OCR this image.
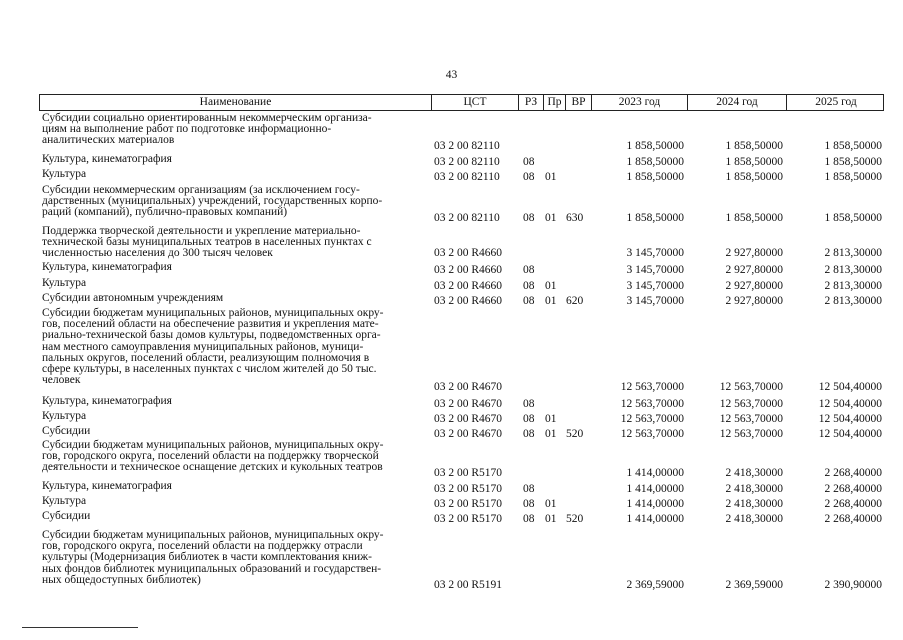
43
Наименование	ЦСТ	РЗ Пр ВР	2023 год	2024 год	2025 год
Субсидии социально ориентированным некоммерческим организа-
циям на выполнение работ по подготовке информационно-
аналитических материалов	03 2 00 82110	1 858,50000	1 858,50000	1 858,50000
Культура, кинематография	03 2 00 82110 08	1 858,50000	1 858,50000	1 858,50000
Культура	03 2 00 82110 08 01	1 858,50000	1 858,50000	1 858,50000
Субсидии некоммерческим организациям (за исключением госу-
дарственных (муниципальных) учреждений, государственных корпо-
раций (компаний), публично-правовых компаний)	03 2 00 82110 08 01 630	1 858,50000	1 858,50000	1 858,50000
Поддержка творческой деятельности и укрепление материально-
технической базы муниципальных театров в населенных пунктах с
численностью населения до 300 тысяч человек	03 2 00 R4660	3 145,70000	2 927,80000	2 813,30000
Культура, кинематография	03 2 00 R4660 08	3 145,70000	2 927,80000	2 813,30000
Культура	03 2 00 R4660 08 01	3 145,70000	2 927,80000	2 813,30000
Субсидии автономным учреждениям	03 2 00 R4660 08 01 620	3 145,70000	2 927,80000	2 813,30000
Субсидии бюджетам муниципальных районов, муниципальных окру-
гов, поселений области на обеспечение развития и укрепления мате-
риально-технической базы домов культуры, подведомственных орга-
нам местного самоуправления муниципальных районов, муници-
пальных округов, поселений области, реализующим полномочия в
сфере культуры, в населенных пунктах с числом жителей до 50 тыс.
человек
03 2 00 R4670	12 563,70000	12 563,70000	12 504,40000
Культура, кинематография	03 2 00 R4670 08	12 563,70000	12 563,70000	12 504,40000
Культура	03 2 00 R4670 08 01	12 563,70000	12 563,70000	12 504,40000
Субсидии	03 2 00 R4670 08 01 520	12 563,70000	12 563,70000	12 504,40000
Субсидии бюджетам муниципальных районов, муниципальных окру-
гов, городского округа, поселений области на поддержку творческой
деятельности и техническое оснащение детских и кукольных театров	03 2 00 R5170	1 414,00000	2 418,30000	2 268,40000
Культура, кинематография	03 2 00 R5170 08	1 414,00000	2 418,30000	2 268,40000
Культура	03 2 00 R5170 08 01	1 414,00000	2 418,30000	2 268,40000
Субсидии	03 2 00 R5170 08 01 520	1 414,00000	2 418,30000	2 268,40000
Субсидии бюджетам муниципальных районов, муниципальных окру-
гов, городского округа, поселений области на поддержку отрасли
культуры (Модернизация библиотек в части комплектования книж-
ных фондов библиотек муниципальных образований и государствен-
ных общедоступных библиотек)	03 2 00 R5191	2 369,59000	2 369,59000	2 390,90000
